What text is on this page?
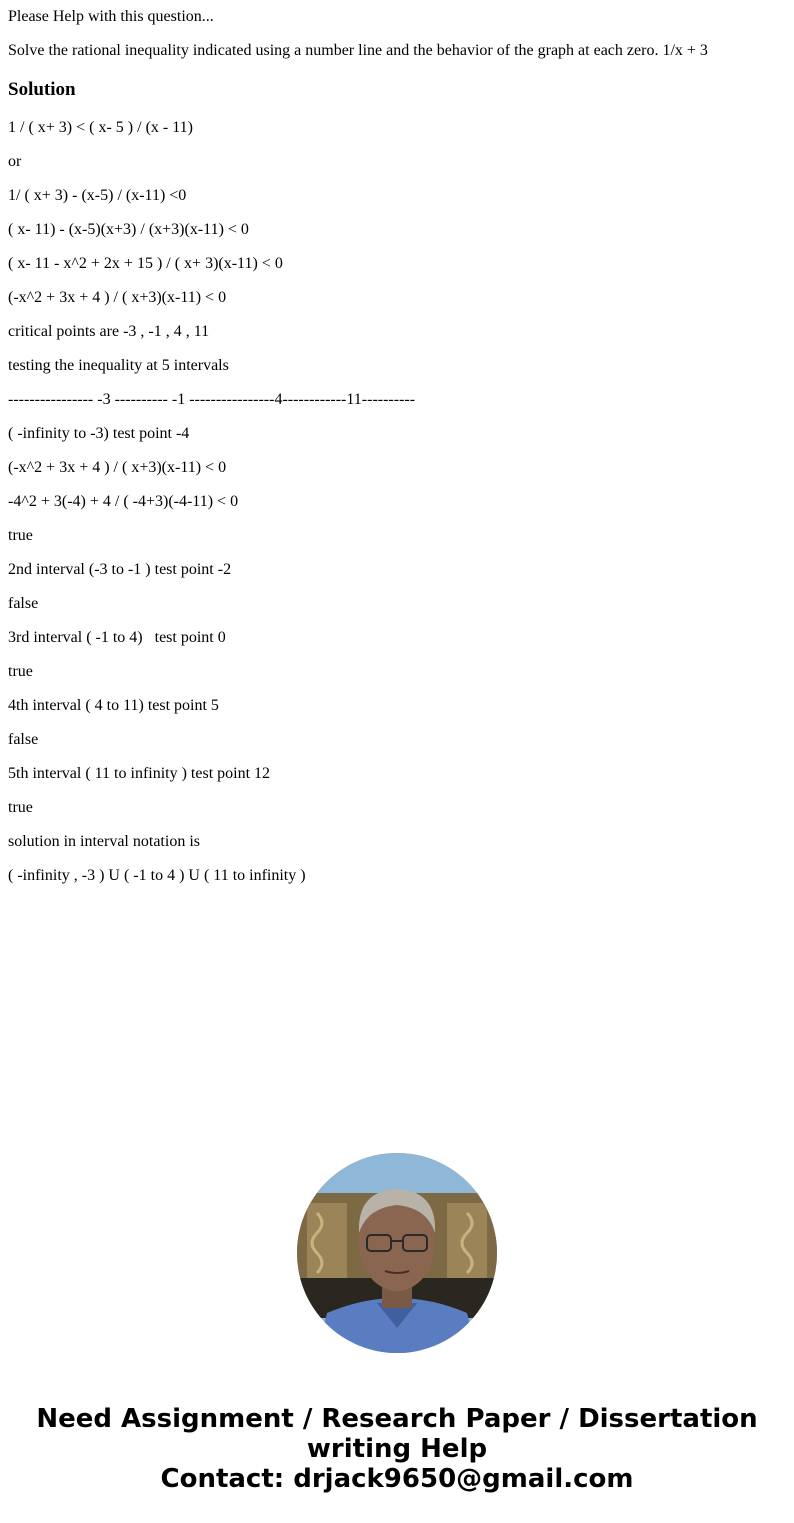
Please Help with this question...

Solve the rational inequality indicated using a number line and the behavior of the graph at each zero. 1/x + 3

Solution

1 / ( x+ 3) < ( x- 5 ) / (x - 11)

or

1/ ( x+ 3) - (x-5) / (x-11) <0

( x- 11) - (x-5)(x+3) / (x+3)(x-11) < 0

( x- 11 - x^2 + 2x + 15 ) / ( x+ 3)(x-11) < 0

(-x^2 + 3x + 4 ) / ( x+3)(x-11) < 0

critical points are -3 , -1 , 4 , 11

testing the inequality at 5 intervals

---------------- -3 ---------- -1 ----------------4------------11----------

( -infinity to -3) test point -4

(-x^2 + 3x + 4 ) / ( x+3)(x-11) < 0

-4^2 + 3(-4) + 4 / ( -4+3)(-4-11) < 0

true

2nd interval (-3 to -1 ) test point -2

false

3rd interval ( -1 to 4)   test point 0

true

4th interval ( 4 to 11) test point 5

false

5th interval ( 11 to infinity ) test point 12

true

solution in interval notation is

( -infinity , -3 ) U ( -1 to 4 ) U ( 11 to infinity )

Need Assignment / Research Paper / Dissertation
writing Help
Contact: drjack9650@gmail.com
